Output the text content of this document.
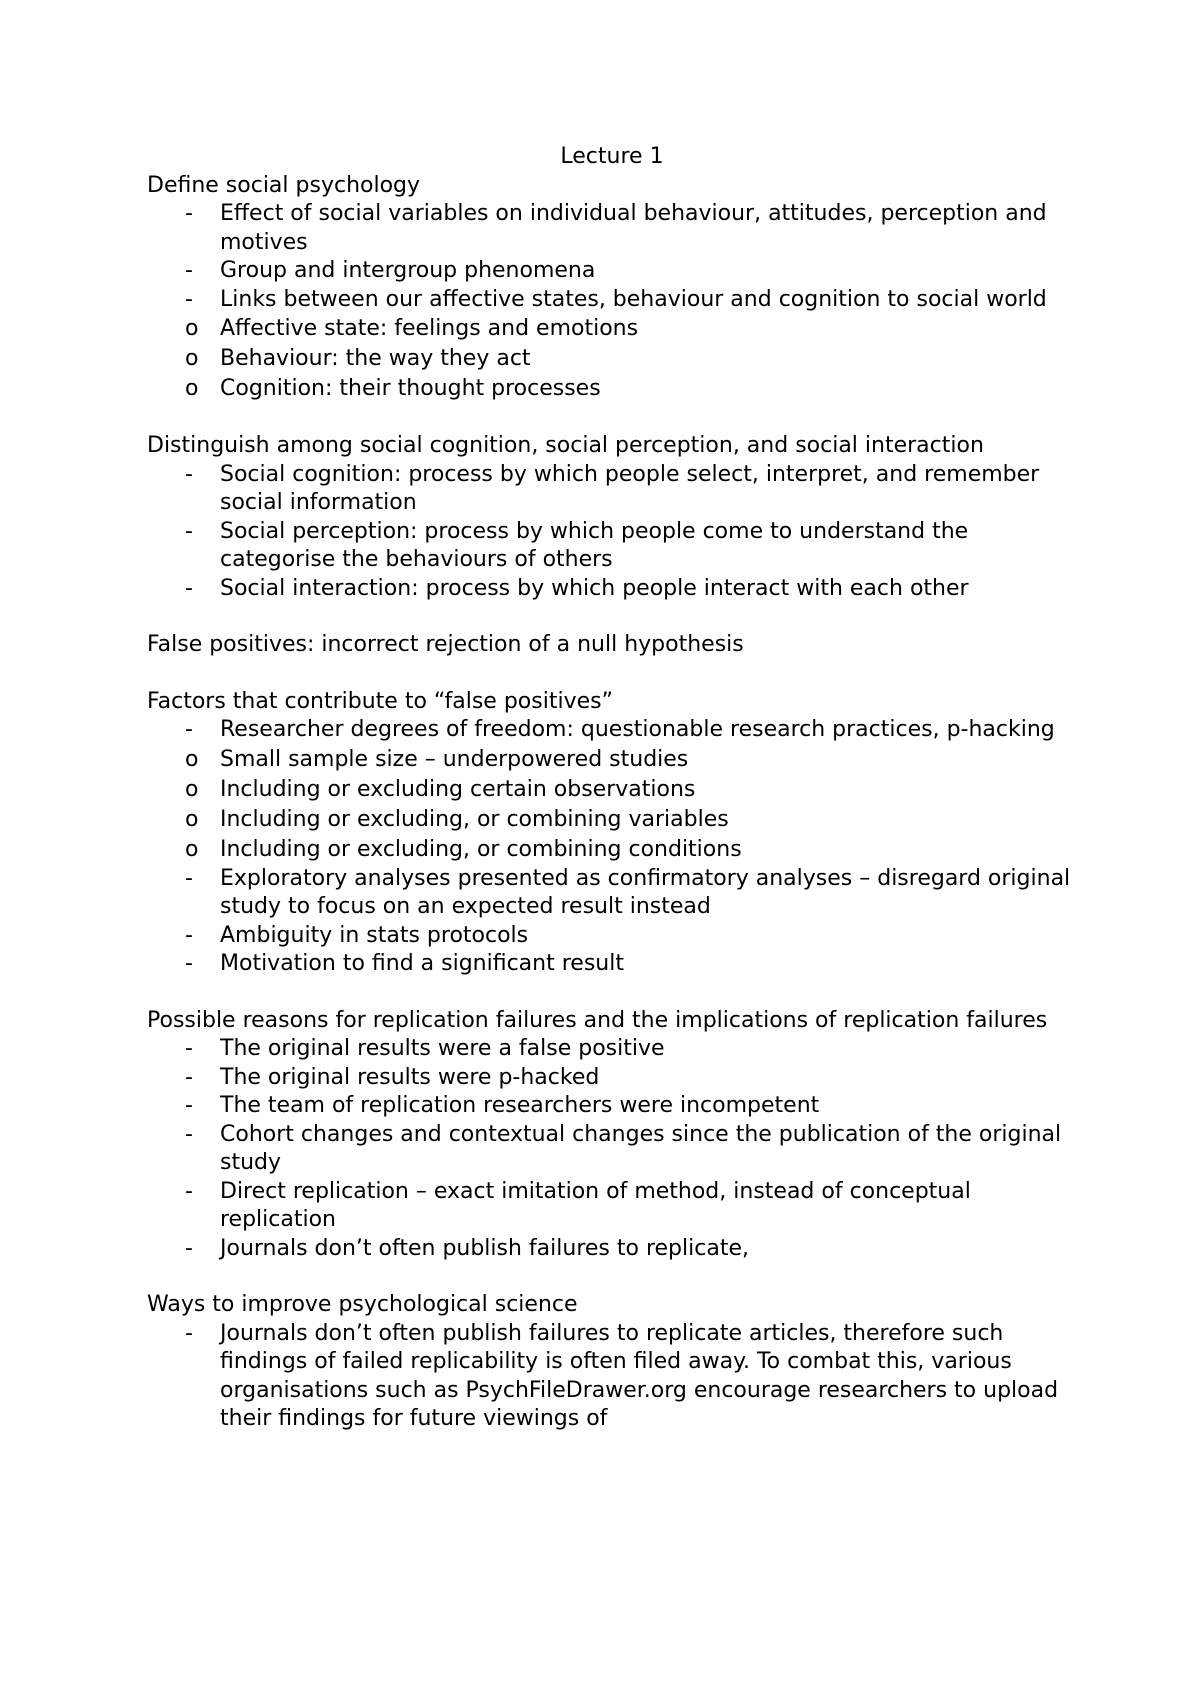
Lecture 1
Define social psychology
- Effect of social variables on individual behaviour, attitudes, perception and motives
- Group and intergroup phenomena
- Links between our affective states, behaviour and cognition to social world
o Affective state: feelings and emotions
o Behaviour: the way they act
o Cognition: their thought processes
Distinguish among social cognition, social perception, and social interaction
- Social cognition: process by which people select, interpret, and remember social information
- Social perception: process by which people come to understand the categorise the behaviours of others
- Social interaction: process by which people interact with each other
False positives: incorrect rejection of a null hypothesis
Factors that contribute to “false positives”
- Researcher degrees of freedom: questionable research practices, p-hacking
o Small sample size – underpowered studies
o Including or excluding certain observations
o Including or excluding, or combining variables
o Including or excluding, or combining conditions
- Exploratory analyses presented as confirmatory analyses – disregard original study to focus on an expected result instead
- Ambiguity in stats protocols
- Motivation to find a significant result
Possible reasons for replication failures and the implications of replication failures
- The original results were a false positive
- The original results were p-hacked
- The team of replication researchers were incompetent
- Cohort changes and contextual changes since the publication of the original study
- Direct replication – exact imitation of method, instead of conceptual replication
- Journals don’t often publish failures to replicate,
Ways to improve psychological science
- Journals don’t often publish failures to replicate articles, therefore such findings of failed replicability is often filed away. To combat this, various organisations such as PsychFileDrawer.org encourage researchers to upload their findings for future viewings of
